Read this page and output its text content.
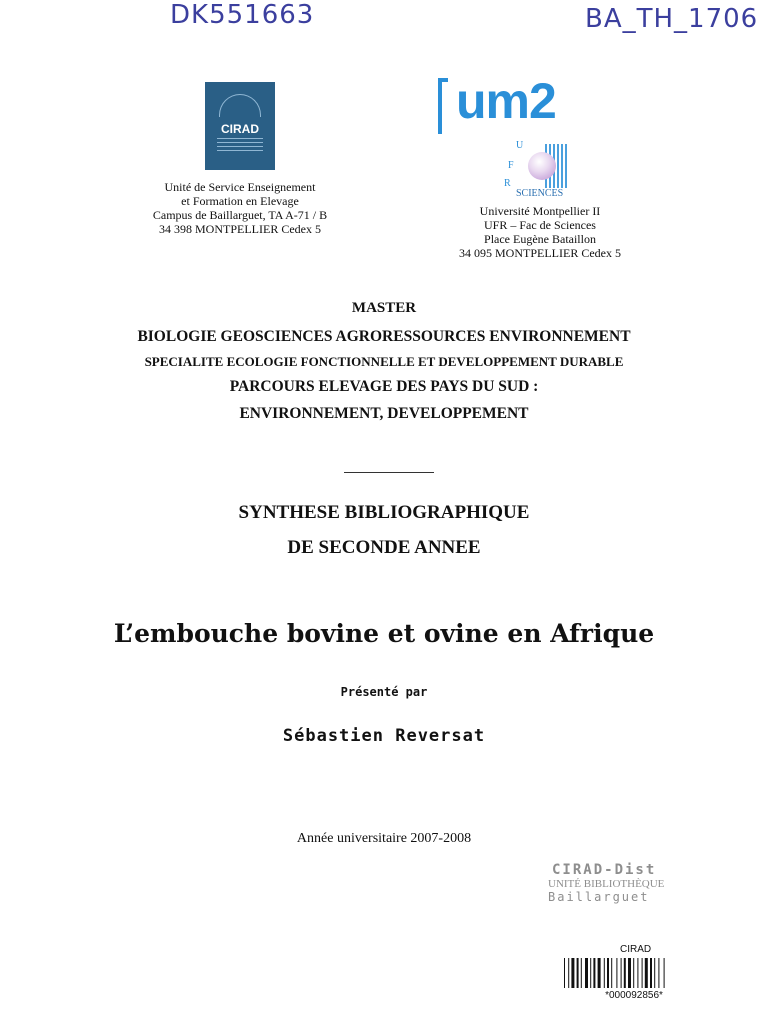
DK551663	BA_TH_1706
CIRAD
Unité de Service Enseignement
et Formation en Elevage
Campus de Baillarguet, TA A-71 / B
34 398 MONTPELLIER Cedex 5
um2
U
F
R
SCIENCES
Université Montpellier II
UFR – Fac de Sciences
Place Eugène Bataillon
34 095 MONTPELLIER Cedex 5
MASTER
BIOLOGIE GEOSCIENCES AGRORESSOURCES ENVIRONNEMENT
SPECIALITE ECOLOGIE FONCTIONNELLE ET DEVELOPPEMENT DURABLE
PARCOURS ELEVAGE DES PAYS DU SUD :
ENVIRONNEMENT, DEVELOPPEMENT
SYNTHESE BIBLIOGRAPHIQUE
DE SECONDE ANNEE
L’embouche bovine et ovine en Afrique
Présenté par
Sébastien Reversat
Année universitaire 2007-2008
CIRAD-Dist
UNITÉ BIBLIOTHÈQUE
Baillarguet
CIRAD
*000092856*
